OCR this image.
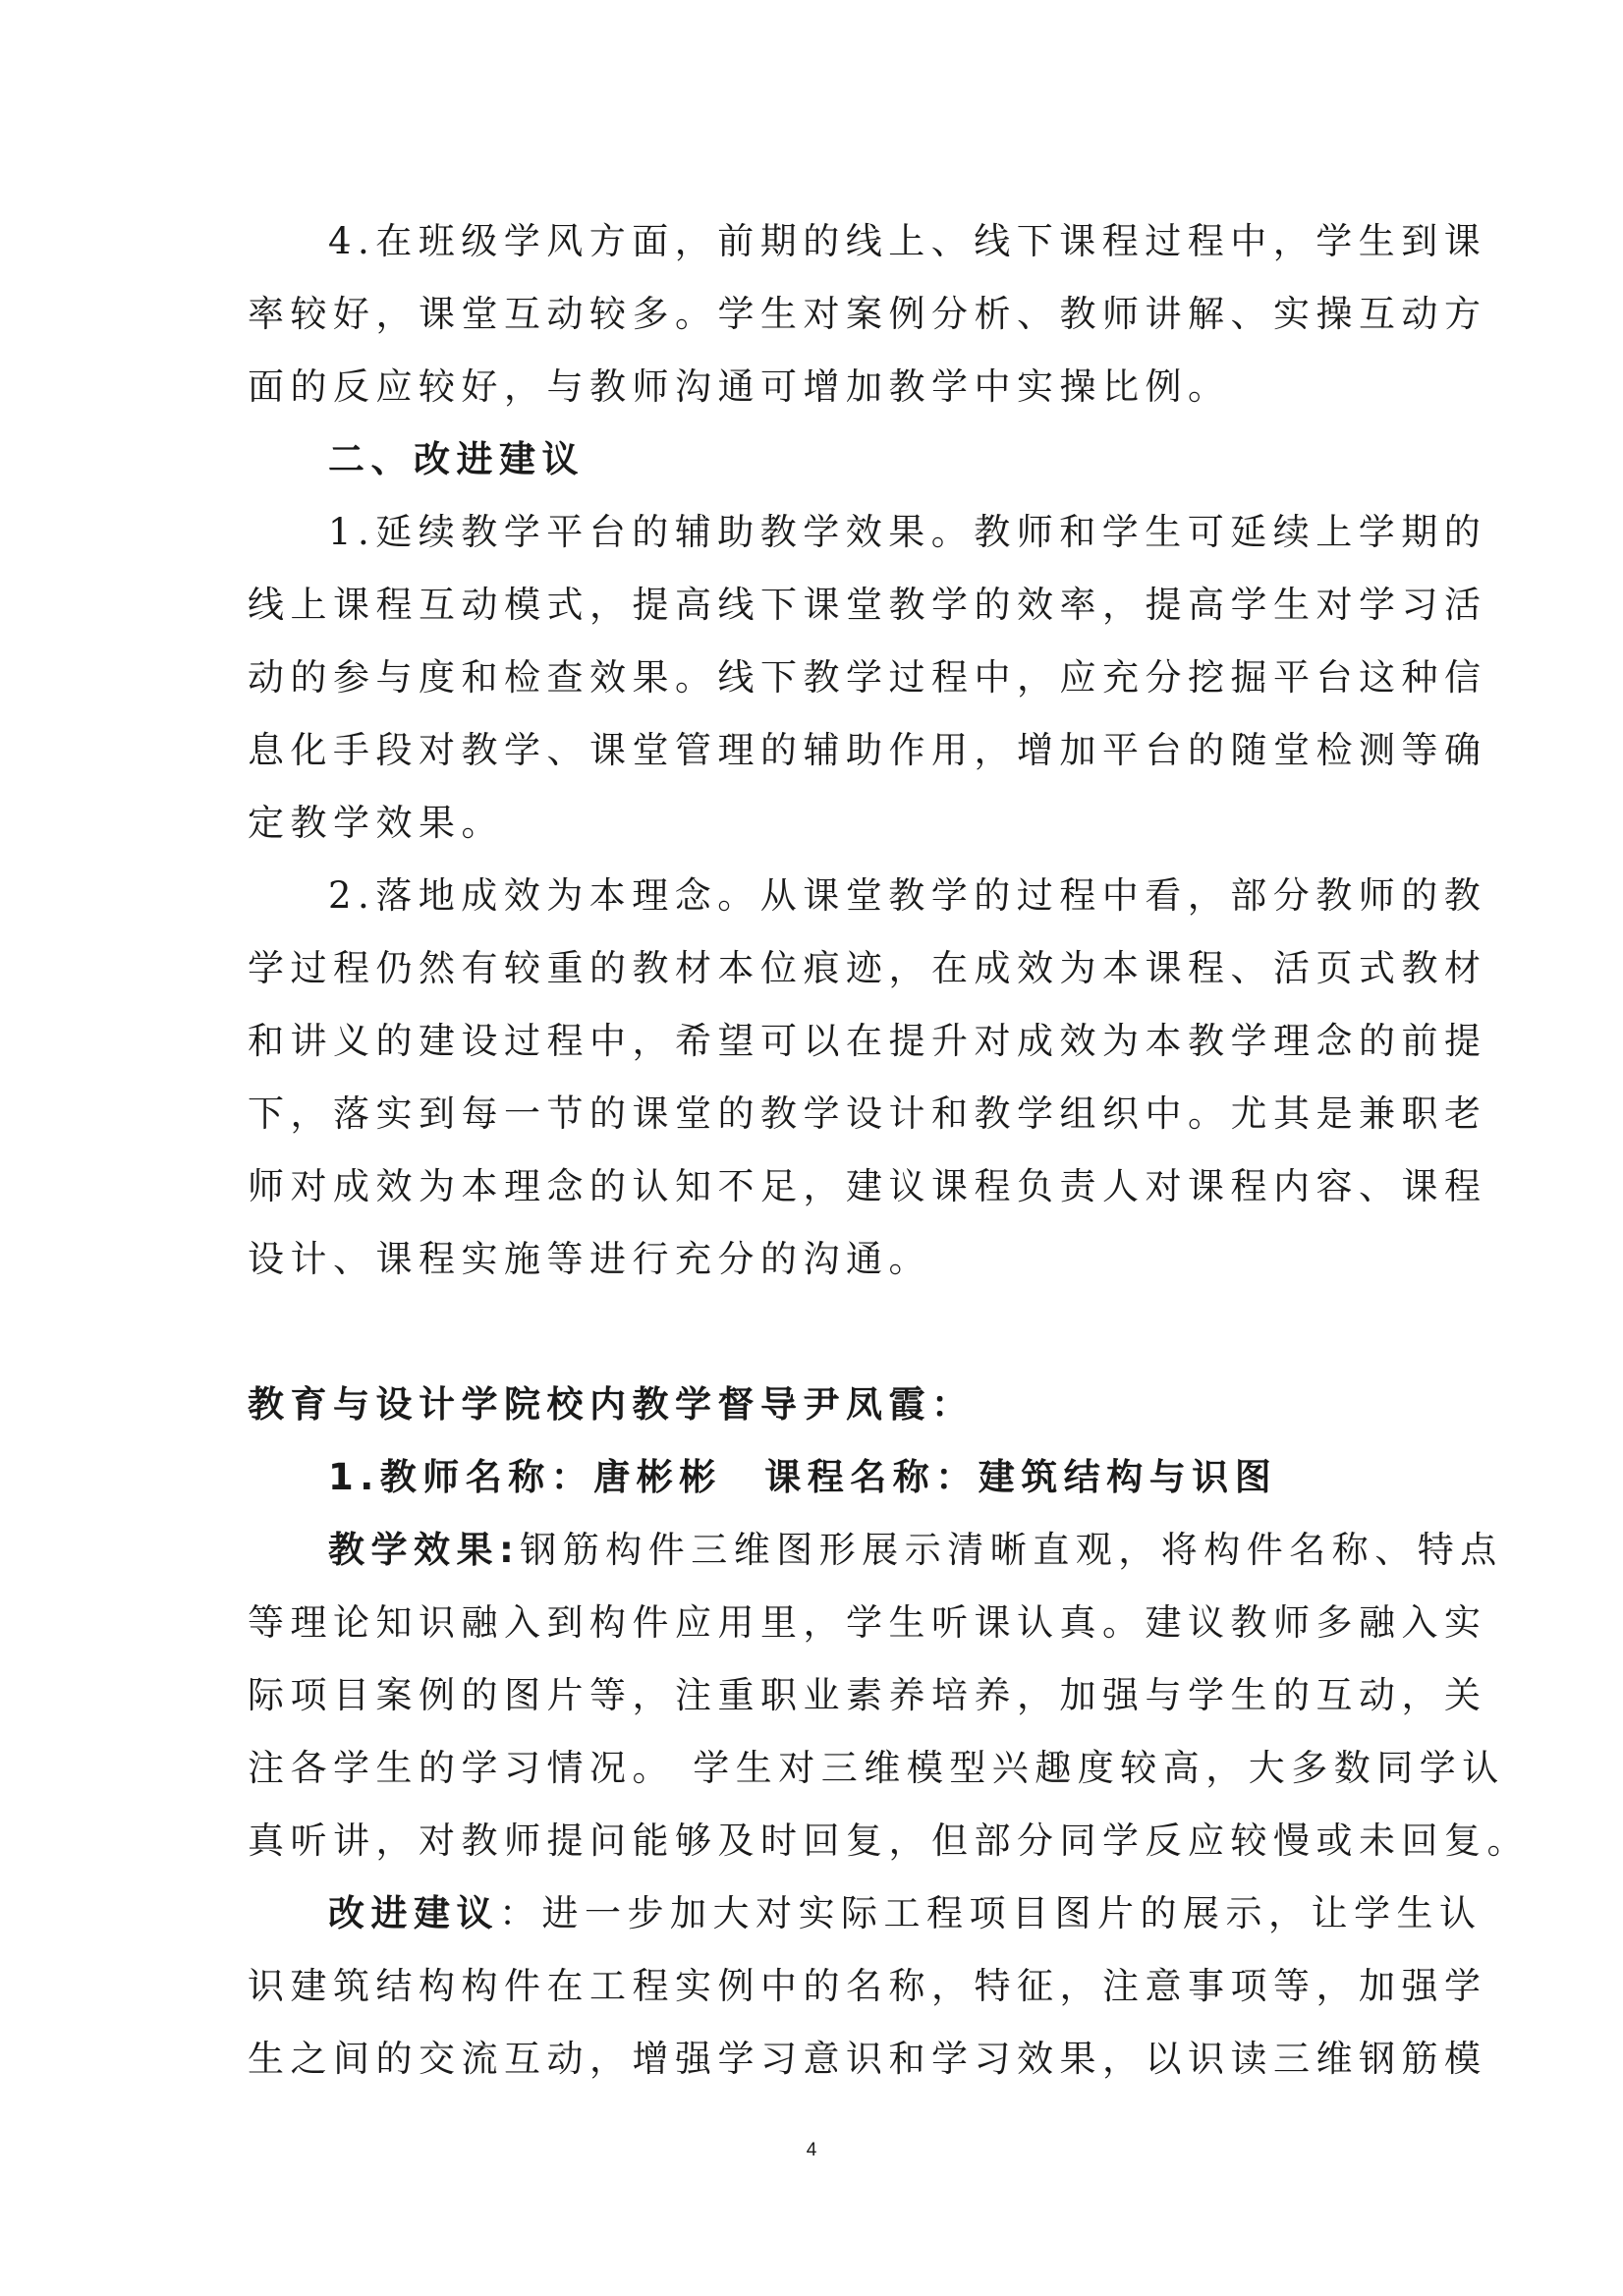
4.在班级学风方面，前期的线上、线下课程过程中，学生到课
率较好，课堂互动较多。学生对案例分析、教师讲解、实操互动方
面的反应较好，与教师沟通可增加教学中实操比例。
二、改进建议
1.延续教学平台的辅助教学效果。教师和学生可延续上学期的
线上课程互动模式，提高线下课堂教学的效率，提高学生对学习活
动的参与度和检查效果。线下教学过程中，应充分挖掘平台这种信
息化手段对教学、课堂管理的辅助作用，增加平台的随堂检测等确
定教学效果。
2.落地成效为本理念。从课堂教学的过程中看，部分教师的教
学过程仍然有较重的教材本位痕迹，在成效为本课程、活页式教材
和讲义的建设过程中，希望可以在提升对成效为本教学理念的前提
下，落实到每一节的课堂的教学设计和教学组织中。尤其是兼职老
师对成效为本理念的认知不足，建议课程负责人对课程内容、课程
设计、课程实施等进行充分的沟通。
教育与设计学院校内教学督导尹凤霞：
1.教师名称：唐彬彬　课程名称：建筑结构与识图
教学效果:钢筋构件三维图形展示清晰直观，将构件名称、特点
等理论知识融入到构件应用里，学生听课认真。建议教师多融入实
际项目案例的图片等，注重职业素养培养，加强与学生的互动，关
注各学生的学习情况。 学生对三维模型兴趣度较高，大多数同学认
真听讲，对教师提问能够及时回复，但部分同学反应较慢或未回复。
改进建议：进一步加大对实际工程项目图片的展示，让学生认
识建筑结构构件在工程实例中的名称，特征，注意事项等，加强学
生之间的交流互动，增强学习意识和学习效果，以识读三维钢筋模
4
